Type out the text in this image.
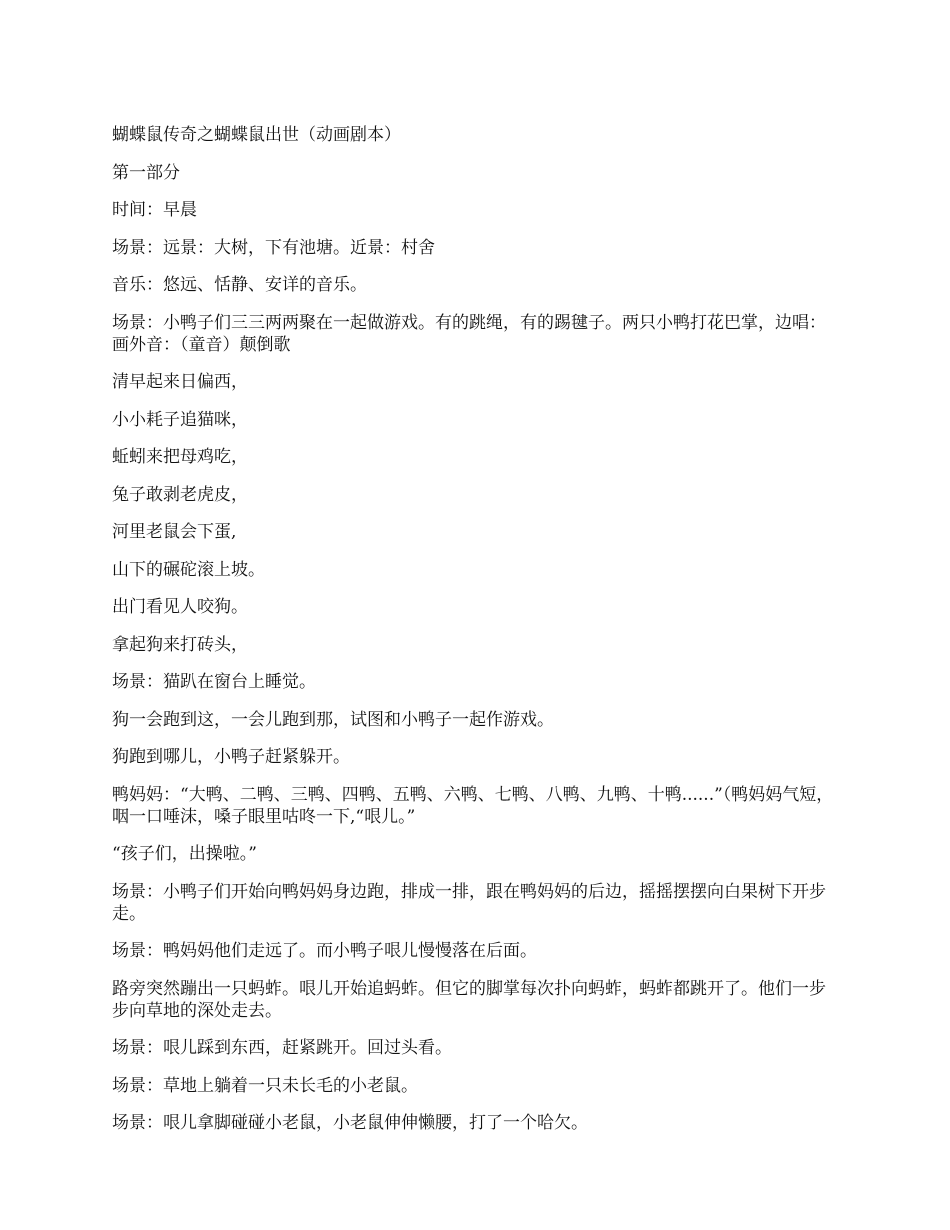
蝴蝶鼠传奇之蝴蝶鼠出世（动画剧本）

第一部分

时间：早晨

场景：远景：大树，下有池塘。近景：村舍

音乐：悠远、恬静、安详的音乐。

场景：小鸭子们三三两两聚在一起做游戏。有的跳绳，有的踢毽子。两只小鸭打花巴掌，边唱：画外音：（童音）颠倒歌

清早起来日偏西，

小小耗子追猫咪，

蚯蚓来把母鸡吃，

兔子敢剥老虎皮，

河里老鼠会下蛋,

山下的碾砣滚上坡。

出门看见人咬狗。

拿起狗来打砖头，

场景：猫趴在窗台上睡觉。

狗一会跑到这，一会儿跑到那，试图和小鸭子一起作游戏。

狗跑到哪儿，小鸭子赶紧躲开。

鸭妈妈：“大鸭、二鸭、三鸭、四鸭、五鸭、六鸭、七鸭、八鸭、九鸭、十鸭......”（鸭妈妈气短，咽一口唾沫，嗓子眼里咕咚一下,“哏儿。”

“孩子们，出操啦。”

场景：小鸭子们开始向鸭妈妈身边跑，排成一排，跟在鸭妈妈的后边，摇摇摆摆向白果树下开步走。

场景：鸭妈妈他们走远了。而小鸭子哏儿慢慢落在后面。

路旁突然蹦出一只蚂蚱。哏儿开始追蚂蚱。但它的脚掌每次扑向蚂蚱，蚂蚱都跳开了。他们一步步向草地的深处走去。

场景：哏儿踩到东西，赶紧跳开。回过头看。

场景：草地上躺着一只未长毛的小老鼠。

场景：哏儿拿脚碰碰小老鼠，小老鼠伸伸懒腰，打了一个哈欠。
